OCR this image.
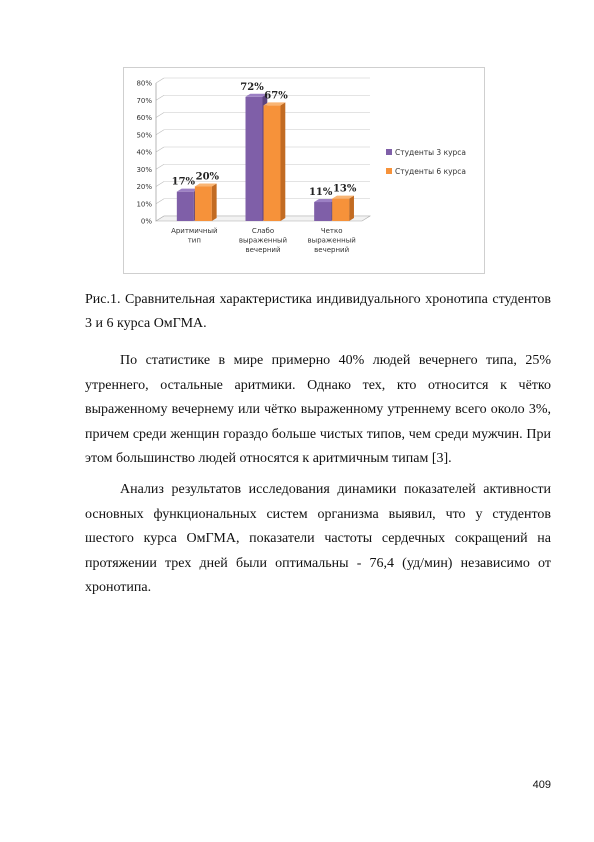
0%
10%
20%
30%
40%
50%
60%
70%
80%
17%
72%
11%
20%
67%
13%
Аритмичный
тип
Слабо
выраженный
вечерний
Четко
выраженный
вечерний
Студенты 3 курса
Студенты 6 курса
Рис.1. Сравнительная характеристика индивидуального хронотипа студентов 3 и 6 курса ОмГМА.
По статистике в мире примерно 40% людей вечернего типа, 25% утреннего, остальные аритмики. Однако тех, кто относится к чётко выраженному вечернему или чётко выраженному утреннему всего около 3%, причем среди женщин гораздо больше чистых типов, чем среди мужчин. При этом большинство людей относятся к аритмичным типам [3].
Анализ результатов исследования динамики показателей активности основных функциональных систем организма выявил, что у студентов шестого курса ОмГМА, показатели частоты сердечных сокращений на протяжении трех дней были оптимальны - 76,4 (уд/мин) независимо от хронотипа.
409
